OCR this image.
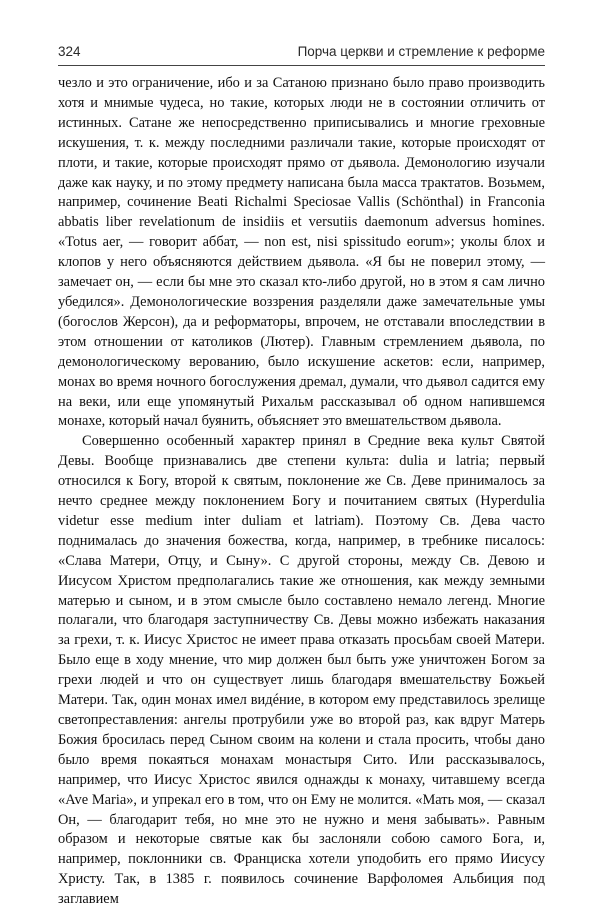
324	Порча церкви и стремление к реформе

чезло и это ограничение, ибо и за Сатаною признано было право производить хотя и мнимые чудеса, но такие, которых люди не в состоянии отличить от истинных. Сатане же непосредственно приписывались и многие греховные искушения, т. к. между последними различали такие, которые происходят от плоти, и такие, которые происходят прямо от дьявола. Демонологию изучали даже как науку, и по этому предмету написана была масса трактатов. Возьмем, например, сочинение Beati Richalmi Speciosae Vallis (Schönthal) in Franconia abbatis liber revelationum de insidiis et versutiis daemonum adversus homines. «Totus aer, — говорит аббат, — non est, nisi spissitudo eorum»; уколы блох и клопов у него объясняются действием дьявола. «Я бы не поверил этому, — замечает он, — если бы мне это сказал кто-либо другой, но в этом я сам лично убедился». Демонологические воззрения разделяли даже замечательные умы (богослов Жерсон), да и реформаторы, впрочем, не отставали впоследствии в этом отношении от католиков (Лютер). Главным стремлением дьявола, по демонологическому верованию, было искушение аскетов: если, например, монах во время ночного богослужения дремал, думали, что дьявол садится ему на веки, или еще упомянутый Рихальм рассказывал об одном напившемся монахе, который начал буянить, объясняет это вмешательством дьявола.

Совершенно особенный характер принял в Средние века культ Святой Девы. Вообще признавались две степени культа: dulia и latria; первый относился к Богу, второй к святым, поклонение же Св. Деве принималось за нечто среднее между поклонением Богу и почитанием святых (Hyperdulia videtur esse medium inter duliam et latriam). Поэтому Св. Дева часто поднималась до значения божества, когда, например, в требнике писалось: «Слава Матери, Отцу, и Сыну». С другой стороны, между Св. Девою и Иисусом Христом предполагались такие же отношения, как между земными матерью и сыном, и в этом смысле было составлено немало легенд. Многие полагали, что благодаря заступничеству Св. Девы можно избежать наказания за грехи, т. к. Иисус Христос не имеет права отказать просьбам своей Матери. Было еще в ходу мнение, что мир должен был быть уже уничтожен Богом за грехи людей и что он существует лишь благодаря вмешательству Божьей Матери. Так, один монах имел видéние, в котором ему представилось зрелище светопреставления: ангелы протрубили уже во второй раз, как вдруг Матерь Божия бросилась перед Сыном своим на колени и стала просить, чтобы дано было время покаяться монахам монастыря Сито. Или рассказывалось, например, что Иисус Христос явился однажды к монаху, читавшему всегда «Ave Maria», и упрекал его в том, что он Ему не молится. «Мать моя, — сказал Он, — благодарит тебя, но мне это не нужно и меня забывать». Равным образом и некоторые святые как бы заслоняли собою самого Бога, и, например, поклонники св. Франциска хотели уподобить его прямо Иисусу Христу. Так, в 1385 г. появилось сочинение Варфоломея Альбиция под заглавием
